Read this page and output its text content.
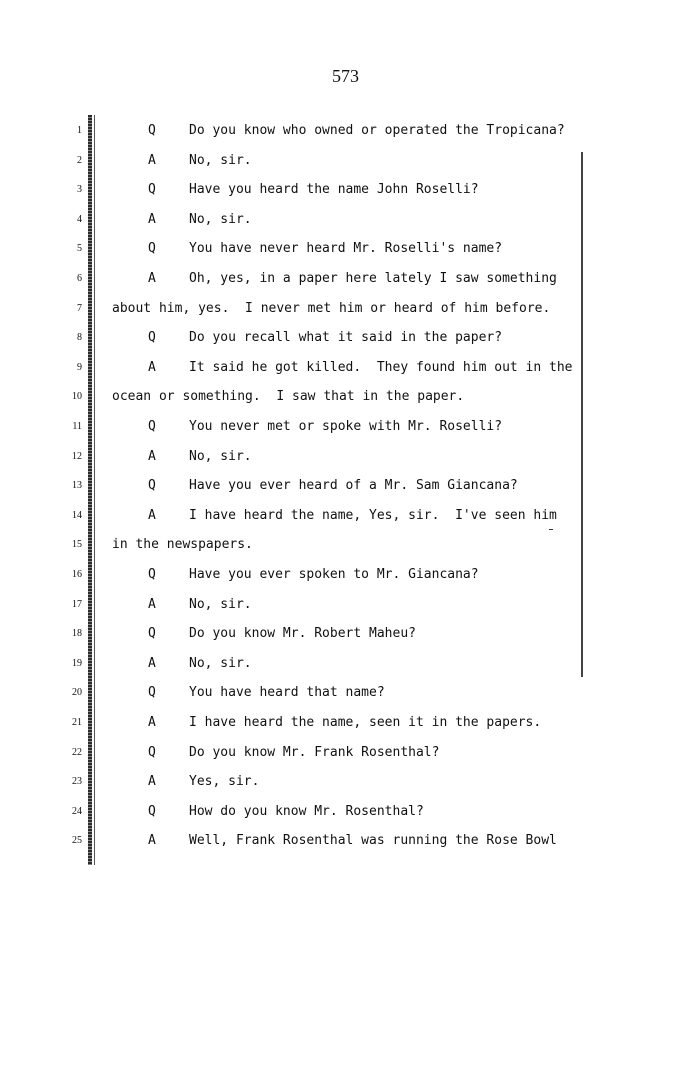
573
1	Q	Do you know who owned or operated the Tropicana?
2	A	No, sir.
3	Q	Have you heard the name John Roselli?
4	A	No, sir.
5	Q	You have never heard Mr. Roselli's name?
6	A	Oh, yes, in a paper here lately I saw something
7 about him, yes.  I never met him or heard of him before.
8	Q	Do you recall what it said in the paper?
9	A	It said he got killed.  They found him out in the
10 ocean or something.  I saw that in the paper.
11	Q	You never met or spoke with Mr. Roselli?
12	A	No, sir.
13	Q	Have you ever heard of a Mr. Sam Giancana?
14	A	I have heard the name, Yes, sir.  I've seen him
15 in the newspapers.
16	Q	Have you ever spoken to Mr. Giancana?
17	A	No, sir.
18	Q	Do you know Mr. Robert Maheu?
19	A	No, sir.
20	Q	You have heard that name?
21	A	I have heard the name, seen it in the papers.
22	Q	Do you know Mr. Frank Rosenthal?
23	A	Yes, sir.
24	Q	How do you know Mr. Rosenthal?
25	A	Well, Frank Rosenthal was running the Rose Bowl
